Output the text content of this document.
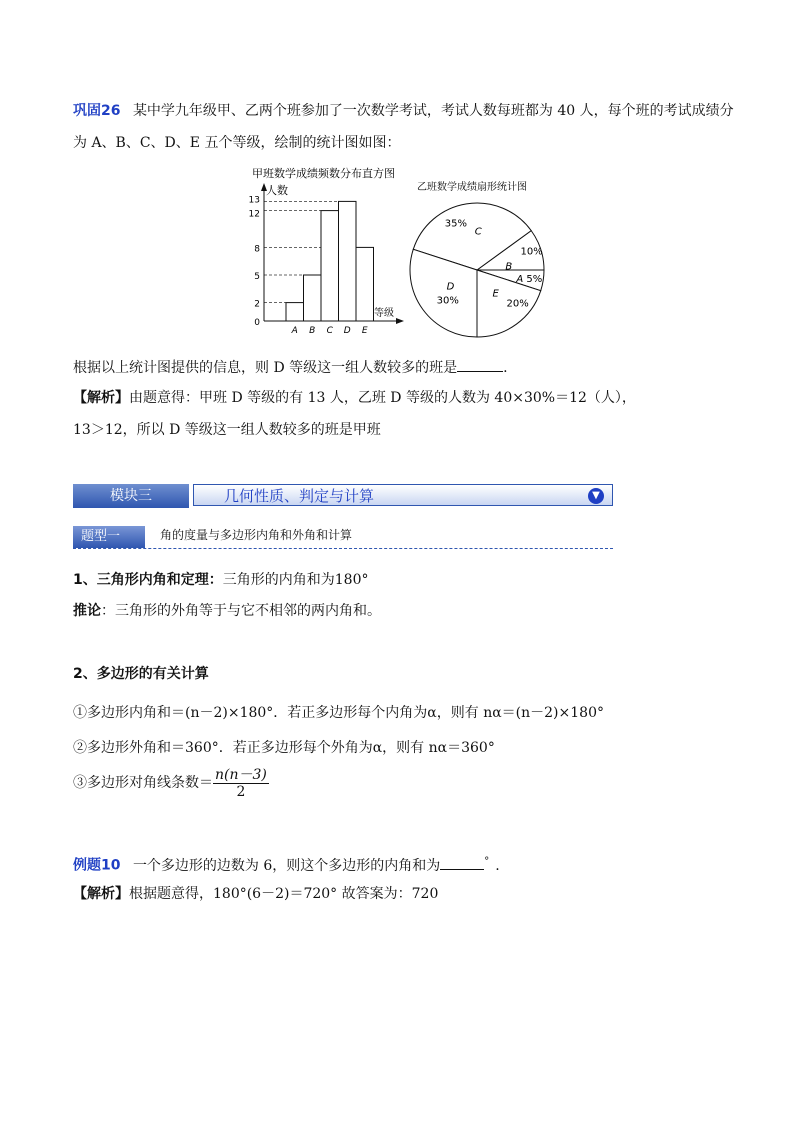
巩固26 某中学九年级甲、乙两个班参加了一次数学考试，考试人数每班都为 40 人，每个班的考试成绩分
为 A、B、C、D、E 五个等级，绘制的统计图如图：
甲班数学成绩频数分布直方图
人数
等级
0
2
5
8
12
13
A B C D E
乙班数学成绩扇形统计图
A 5%
B
10%
35%
C
D
30%
E
20%
根据以上统计图提供的信息，则 D 等级这一组人数较多的班是	.
【解析】由题意得：甲班 D 等级的有 13 人，乙班 D 等级的人数为 40×30%＝12（人），
13＞12，所以 D 等级这一组人数较多的班是甲班
模块三	几何性质、判定与计算	▼
题型一	角的度量与多边形内角和外角和计算
1、三角形内角和定理：三角形的内角和为180°
推论：三角形的外角等于与它不相邻的两内角和。
2、多边形的有关计算
①多边形内角和＝(n－2)×180°．若正多边形每个内角为α，则有 nα＝(n－2)×180°
②多边形外角和＝360°．若正多边形每个外角为α，则有 nα＝360°
③多边形对角线条数＝ $\frac{n(n-3)}{2}$
例题10 一个多边形的边数为 6，则这个多边形的内角和为	° .
【解析】根据题意得，180°(6－2)＝720° 故答案为：720
